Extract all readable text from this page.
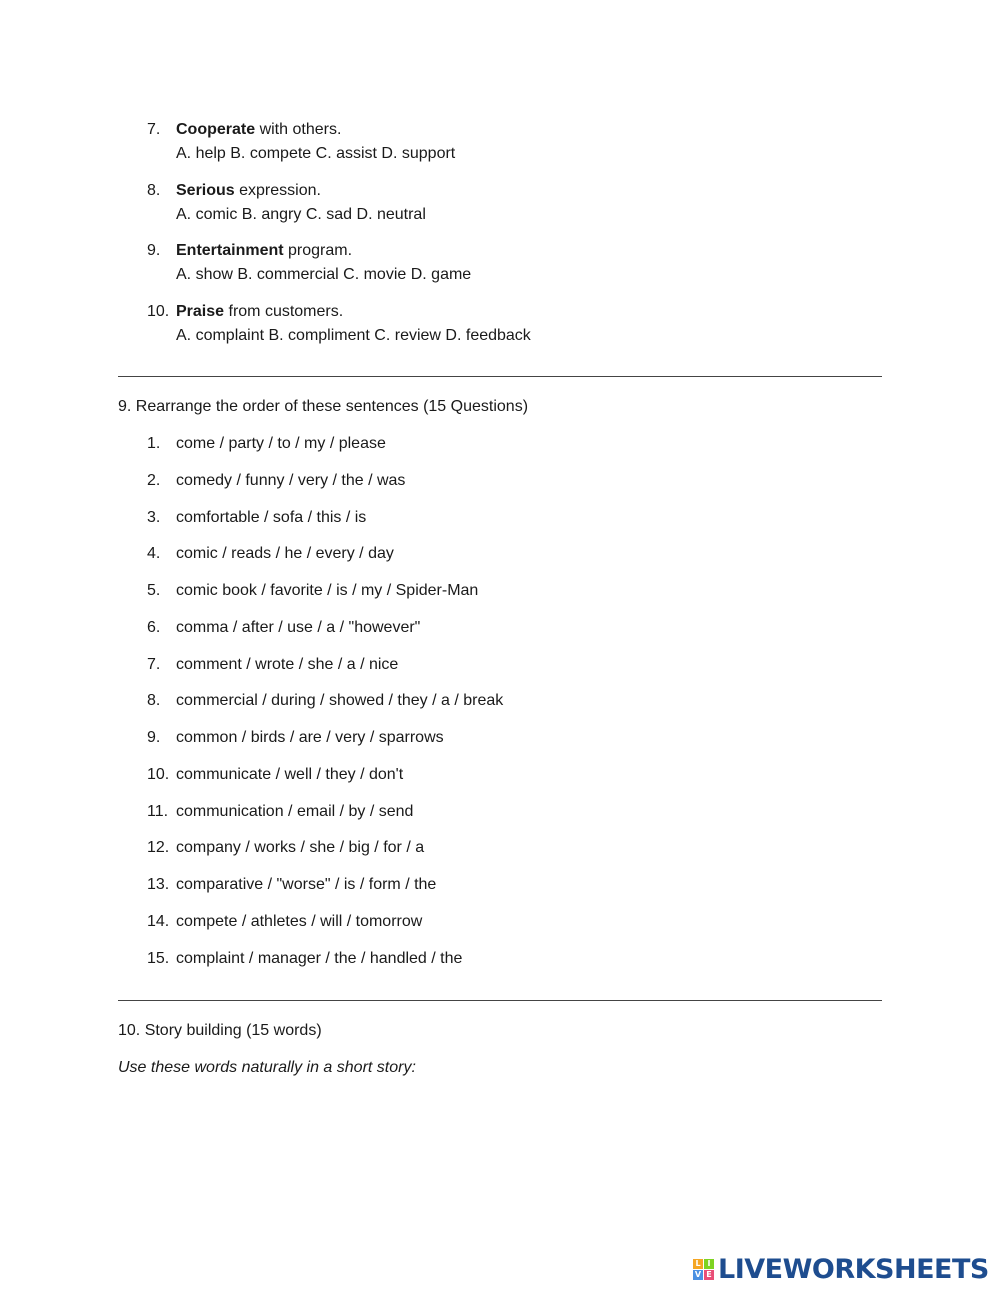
7. Cooperate with others.
A. help B. compete C. assist D. support
8. Serious expression.
A. comic B. angry C. sad D. neutral
9. Entertainment program.
A. show B. commercial C. movie D. game
10. Praise from customers.
A. complaint B. compliment C. review D. feedback
9. Rearrange the order of these sentences (15 Questions)
1. come / party / to / my / please
2. comedy / funny / very / the / was
3. comfortable / sofa / this / is
4. comic / reads / he / every / day
5. comic book / favorite / is / my / Spider-Man
6. comma / after / use / a / "however"
7. comment / wrote / she / a / nice
8. commercial / during / showed / they / a / break
9. common / birds / are / very / sparrows
10. communicate / well / they / don't
11. communication / email / by / send
12. company / works / she / big / for / a
13. comparative / "worse" / is / form / the
14. compete / athletes / will / tomorrow
15. complaint / manager / the / handled / the
10. Story building (15 words)
Use these words naturally in a short story:
L I
V E LIVEWORKSHEETS
